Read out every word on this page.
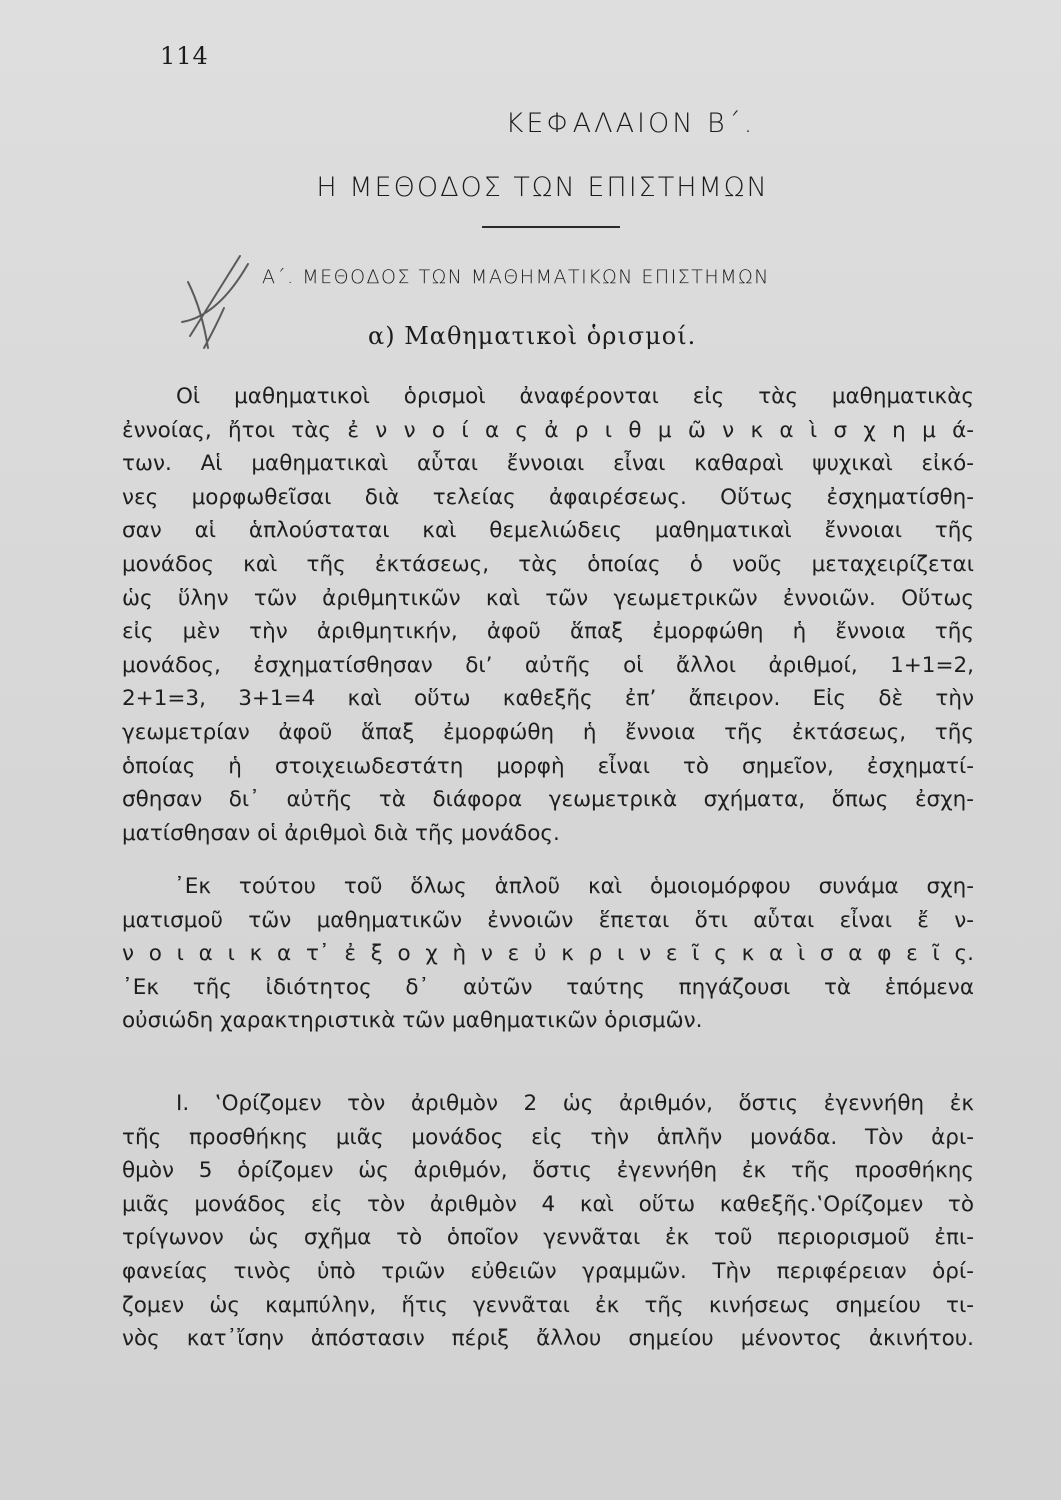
114
ΚΕΦΑΛΑΙΟΝ Β΄.
Η ΜΕΘΟΔΟΣ ΤΩΝ ΕΠΙΣΤΗΜΩΝ
Α΄. ΜΕΘΟΔΟΣ ΤΩΝ ΜΑΘΗΜΑΤΙΚΩΝ ΕΠΙΣΤΗΜΩΝ
α) Μαθηματικοὶ ὁρισμοί.
Οἱ μαθηματικοὶ ὁρισμοὶ ἀναφέρονται εἰς τὰς μαθηματικὰς
ἐννοίας, ἤτοι τὰς ἐ ν ν ο ί α ς ἀ ρ ι θ μ ῶ ν κ α ὶ σ χ η μ ά-
των. Αἱ μαθηματικαὶ αὗται ἔννοιαι εἶναι καθαραὶ ψυχικαὶ εἰκό-
νες μορφωθεῖσαι διὰ τελείας ἀφαιρέσεως. Οὕτως ἐσχηματίσθη-
σαν αἱ ἁπλούσταται καὶ θεμελιώδεις μαθηματικαὶ ἔννοιαι τῆς
μονάδος καὶ τῆς ἐκτάσεως, τὰς ὁποίας ὁ νοῦς μεταχειρίζεται
ὡς ὕλην τῶν ἀριθμητικῶν καὶ τῶν γεωμετρικῶν ἐννοιῶν. Οὕτως
εἰς μὲν τὴν ἀριθμητικήν, ἀφοῦ ἅπαξ ἐμορφώθη ἡ ἔννοια τῆς
μονάδος, ἐσχηματίσθησαν δι’ αὐτῆς οἱ ἄλλοι ἀριθμοί, 1+1=2,
2+1=3, 3+1=4 καὶ οὕτω καθεξῆς ἐπ’ ἄπειρον. Εἰς δὲ τὴν
γεωμετρίαν ἀφοῦ ἅπαξ ἐμορφώθη ἡ ἔννοια τῆς ἐκτάσεως, τῆς
ὁποίας ἡ στοιχειωδεστάτη μορφὴ εἶναι τὸ σημεῖον, ἐσχηματί-
σθησαν δι᾽ αὐτῆς τὰ διάφορα γεωμετρικὰ σχήματα, ὅπως ἐσχη-
ματίσθησαν οἱ ἀριθμοὶ διὰ τῆς μονάδος.
᾽Εκ τούτου τοῦ ὅλως ἁπλοῦ καὶ ὁμοιομόρφου συνάμα σχη-
ματισμοῦ τῶν μαθηματικῶν ἐννοιῶν ἕπεται ὅτι αὗται εἶναι ἔ ν-
ν ο ι α ι κ α τ᾽ ἐ ξ ο χ ὴ ν ε ὐ κ ρ ι ν ε ῖ ς κ α ὶ σ α φ ε ῖ ς.
᾽Εκ τῆς ἰδιότητος δ᾽ αὐτῶν ταύτης πηγάζουσι τὰ ἑπόμενα
οὐσιώδη χαρακτηριστικὰ τῶν μαθηματικῶν ὁρισμῶν.
Ι. ‛Ορίζομεν τὸν ἀριθμὸν 2 ὡς ἀριθμόν, ὅστις ἐγεννήθη ἐκ
τῆς προσθήκης μιᾶς μονάδος εἰς τὴν ἁπλῆν μονάδα. Τὸν ἀρι-
θμὸν 5 ὁρίζομεν ὡς ἀριθμόν, ὅστις ἐγεννήθη ἐκ τῆς προσθήκης
μιᾶς μονάδος εἰς τὸν ἀριθμὸν 4 καὶ οὕτω καθεξῆς.‛Ορίζομεν τὸ
τρίγωνον ὡς σχῆμα τὸ ὁποῖον γεννᾶται ἐκ τοῦ περιορισμοῦ ἐπι-
φανείας τινὸς ὑπὸ τριῶν εὐθειῶν γραμμῶν. Τὴν περιφέρειαν ὁρί-
ζομεν ὡς καμπύλην, ἥτις γεννᾶται ἐκ τῆς κινήσεως σημείου τι-
νὸς κατ᾽ἴσην ἀπόστασιν πέριξ ἄλλου σημείου μένοντος ἀκινήτου.
